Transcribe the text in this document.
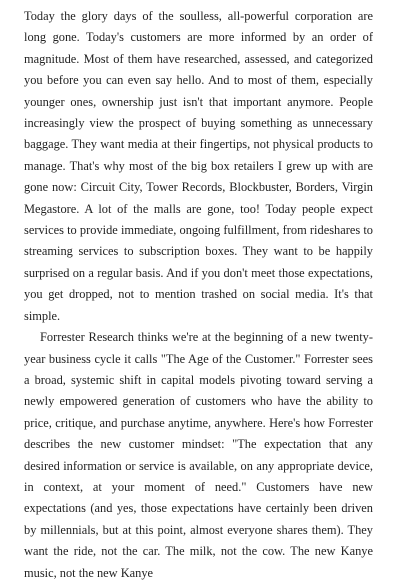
Today the glory days of the soulless, all-powerful corporation are long gone. Today's customers are more informed by an order of magnitude. Most of them have researched, assessed, and categorized you before you can even say hello. And to most of them, especially younger ones, ownership just isn't that important anymore. People increasingly view the prospect of buying something as unnecessary baggage. They want media at their fingertips, not physical products to manage. That's why most of the big box retailers I grew up with are gone now: Circuit City, Tower Records, Blockbuster, Borders, Virgin Megastore. A lot of the malls are gone, too! Today people expect services to provide immediate, ongoing fulfillment, from rideshares to streaming services to subscription boxes. They want to be happily surprised on a regular basis. And if you don't meet those expectations, you get dropped, not to mention trashed on social media. It's that simple.

Forrester Research thinks we're at the beginning of a new twenty-year business cycle it calls "The Age of the Customer." Forrester sees a broad, systemic shift in capital models pivoting toward serving a newly empowered generation of customers who have the ability to price, critique, and purchase anytime, anywhere. Here's how Forrester describes the new customer mindset: "The expectation that any desired information or service is available, on any appropriate device, in context, at your moment of need." Customers have new expectations (and yes, those expectations have certainly been driven by millennials, but at this point, almost everyone shares them). They want the ride, not the car. The milk, not the cow. The new Kanye music, not the new Kanye
